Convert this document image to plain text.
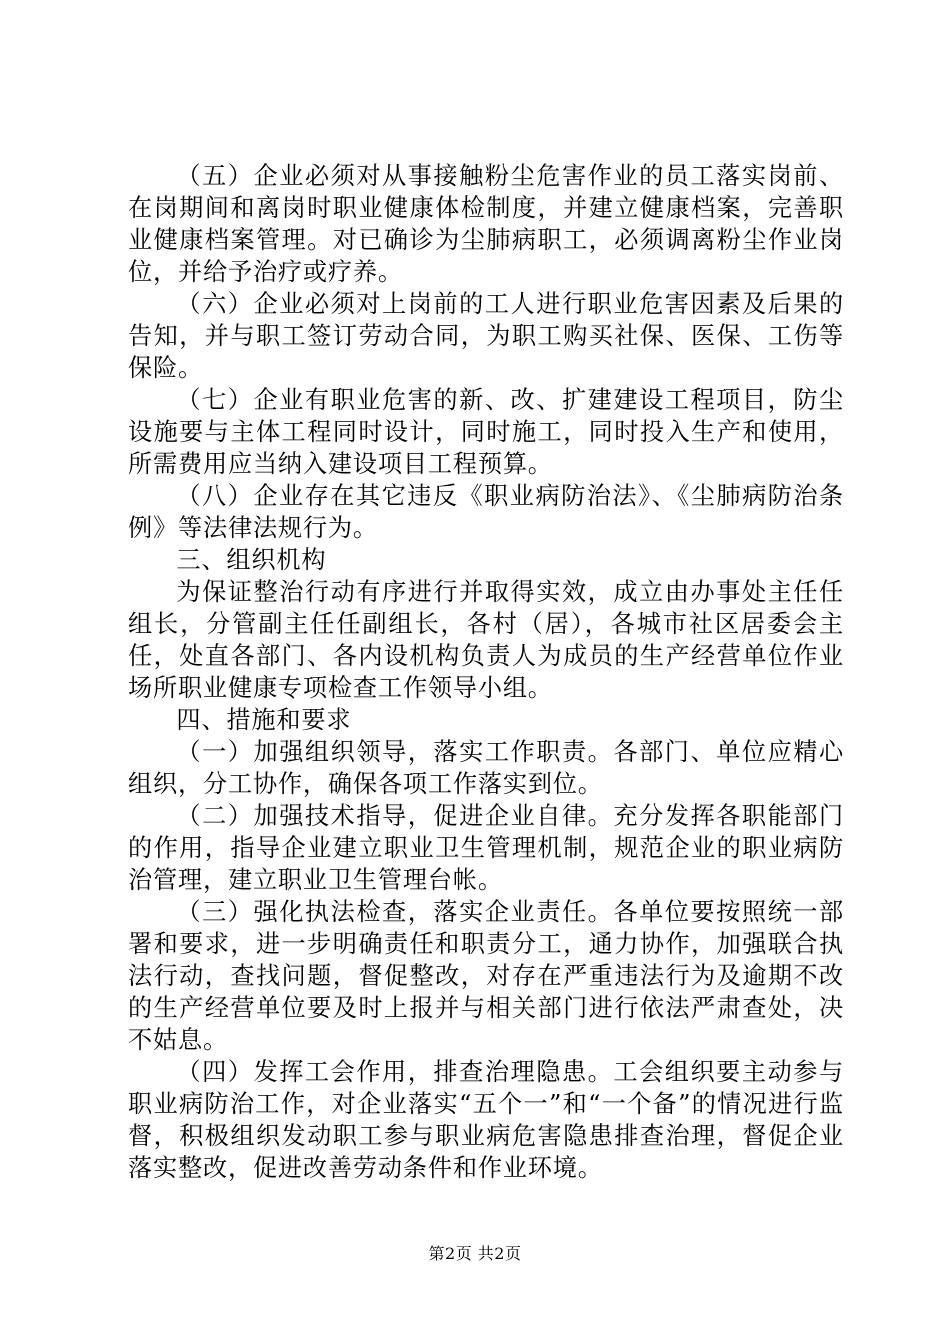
（五）企业必须对从事接触粉尘危害作业的员工落实岗前、在岗期间和离岗时职业健康体检制度，并建立健康档案，完善职业健康档案管理。对已确诊为尘肺病职工，必须调离粉尘作业岗位，并给予治疗或疗养。

（六）企业必须对上岗前的工人进行职业危害因素及后果的告知，并与职工签订劳动合同，为职工购买社保、医保、工伤等保险。

（七）企业有职业危害的新、改、扩建建设工程项目，防尘设施要与主体工程同时设计，同时施工，同时投入生产和使用，所需费用应当纳入建设项目工程预算。

（八）企业存在其它违反《职业病防治法》、《尘肺病防治条例》等法律法规行为。

三、组织机构

为保证整治行动有序进行并取得实效，成立由办事处主任任组长，分管副主任任副组长，各村（居），各城市社区居委会主任，处直各部门、各内设机构负责人为成员的生产经营单位作业场所职业健康专项检查工作领导小组。

四、措施和要求

（一）加强组织领导，落实工作职责。各部门、单位应精心组织，分工协作，确保各项工作落实到位。

（二）加强技术指导，促进企业自律。充分发挥各职能部门的作用，指导企业建立职业卫生管理机制，规范企业的职业病防治管理，建立职业卫生管理台帐。

（三）强化执法检查，落实企业责任。各单位要按照统一部署和要求，进一步明确责任和职责分工，通力协作，加强联合执法行动，查找问题，督促整改，对存在严重违法行为及逾期不改的生产经营单位要及时上报并与相关部门进行依法严肃查处，决不姑息。

（四）发挥工会作用，排查治理隐患。工会组织要主动参与职业病防治工作，对企业落实“五个一”和“一个备”的情况进行监督，积极组织发动职工参与职业病危害隐患排查治理，督促企业落实整改，促进改善劳动条件和作业环境。

第2页 共2页
